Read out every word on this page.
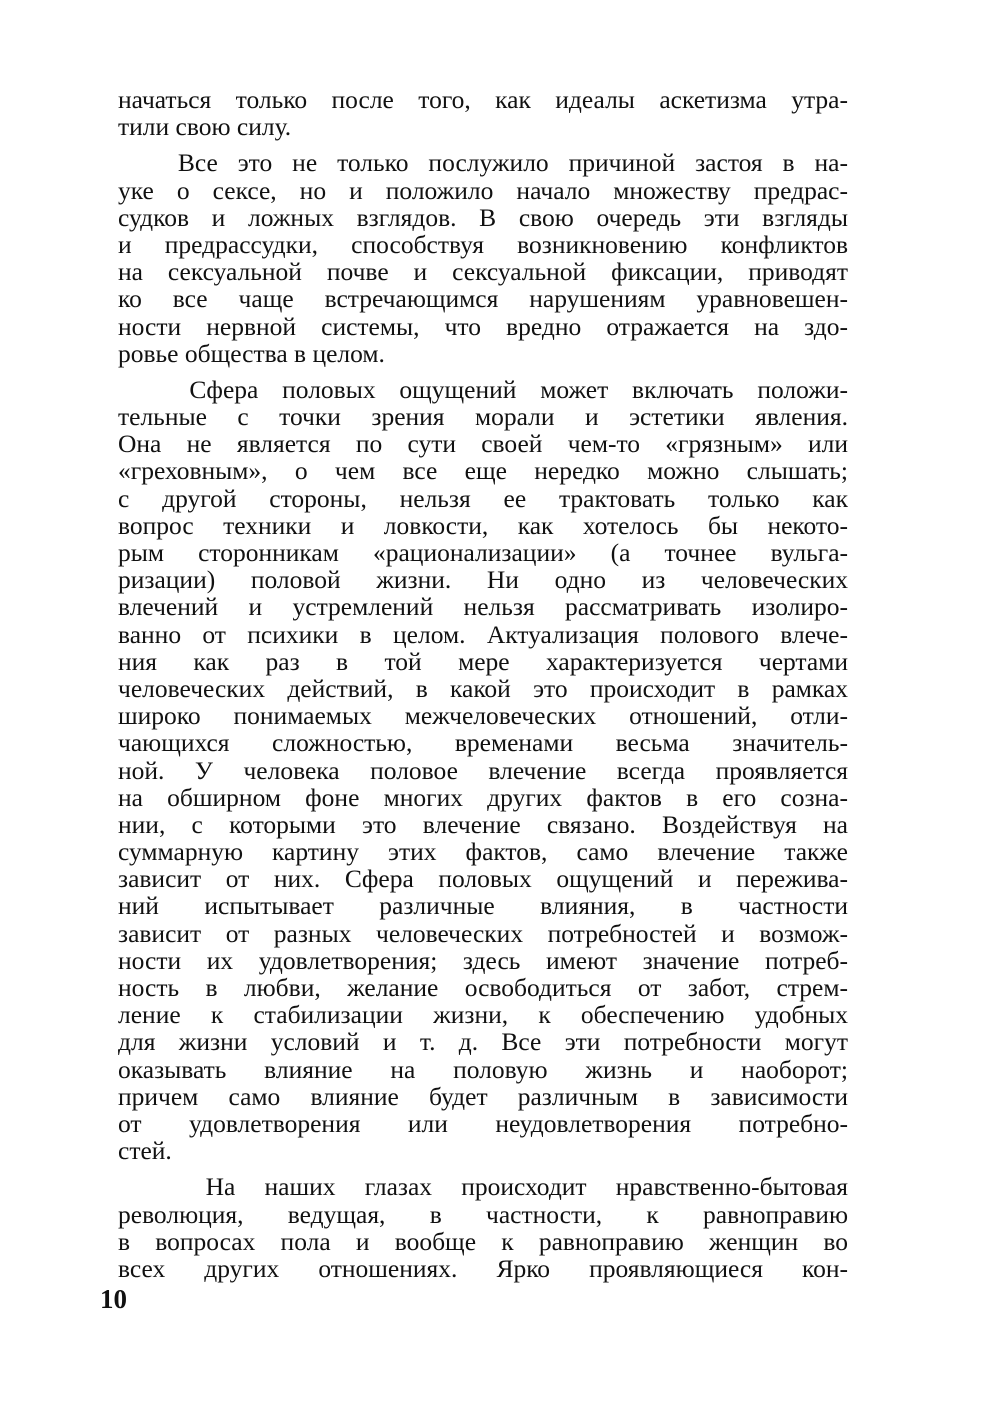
начаться только после того, как идеалы аскетизма утра-
тили свою силу.
Все это не только послужило причиной застоя в на-
уке о сексе, но и положило начало множеству предрас-
судков и ложных взглядов. В свою очередь эти взгляды
и предрассудки, способствуя возникновению конфликтов
на сексуальной почве и сексуальной фиксации, приводят
ко все чаще встречающимся нарушениям уравновешен-
ности нервной системы, что вредно отражается на здо-
ровье общества в целом.
Сфера половых ощущений может включать положи-
тельные с точки зрения морали и эстетики явления.
Она не является по сути своей чем-то «грязным» или
«греховным», о чем все еще нередко можно слышать;
с другой стороны, нельзя ее трактовать только как
вопрос техники и ловкости, как хотелось бы некото-
рым сторонникам «рационализации» (а точнее вульга-
ризации) половой жизни. Ни одно из человеческих
влечений и устремлений нельзя рассматривать изолиро-
ванно от психики в целом. Актуализация полового влече-
ния как раз в той мере характеризуется чертами
человеческих действий, в какой это происходит в рамках
широко понимаемых межчеловеческих отношений, отли-
чающихся сложностью, временами весьма значитель-
ной. У человека половое влечение всегда проявляется
на обширном фоне многих других фактов в его созна-
нии, с которыми это влечение связано. Воздействуя на
суммарную картину этих фактов, само влечение также
зависит от них. Сфера половых ощущений и пережива-
ний испытывает различные влияния, в частности
зависит от разных человеческих потребностей и возмож-
ности их удовлетворения; здесь имеют значение потреб-
ность в любви, желание освободиться от забот, стрем-
ление к стабилизации жизни, к обеспечению удобных
для жизни условий и т. д. Все эти потребности могут
оказывать влияние на половую жизнь и наоборот;
причем само влияние будет различным в зависимости
от удовлетворения или неудовлетворения потребно-
стей.
На наших глазах происходит нравственно-бытовая
революция, ведущая, в частности, к равноправию
в вопросах пола и вообще к равноправию женщин во
всех других отношениях. Ярко проявляющиеся кон-
10
